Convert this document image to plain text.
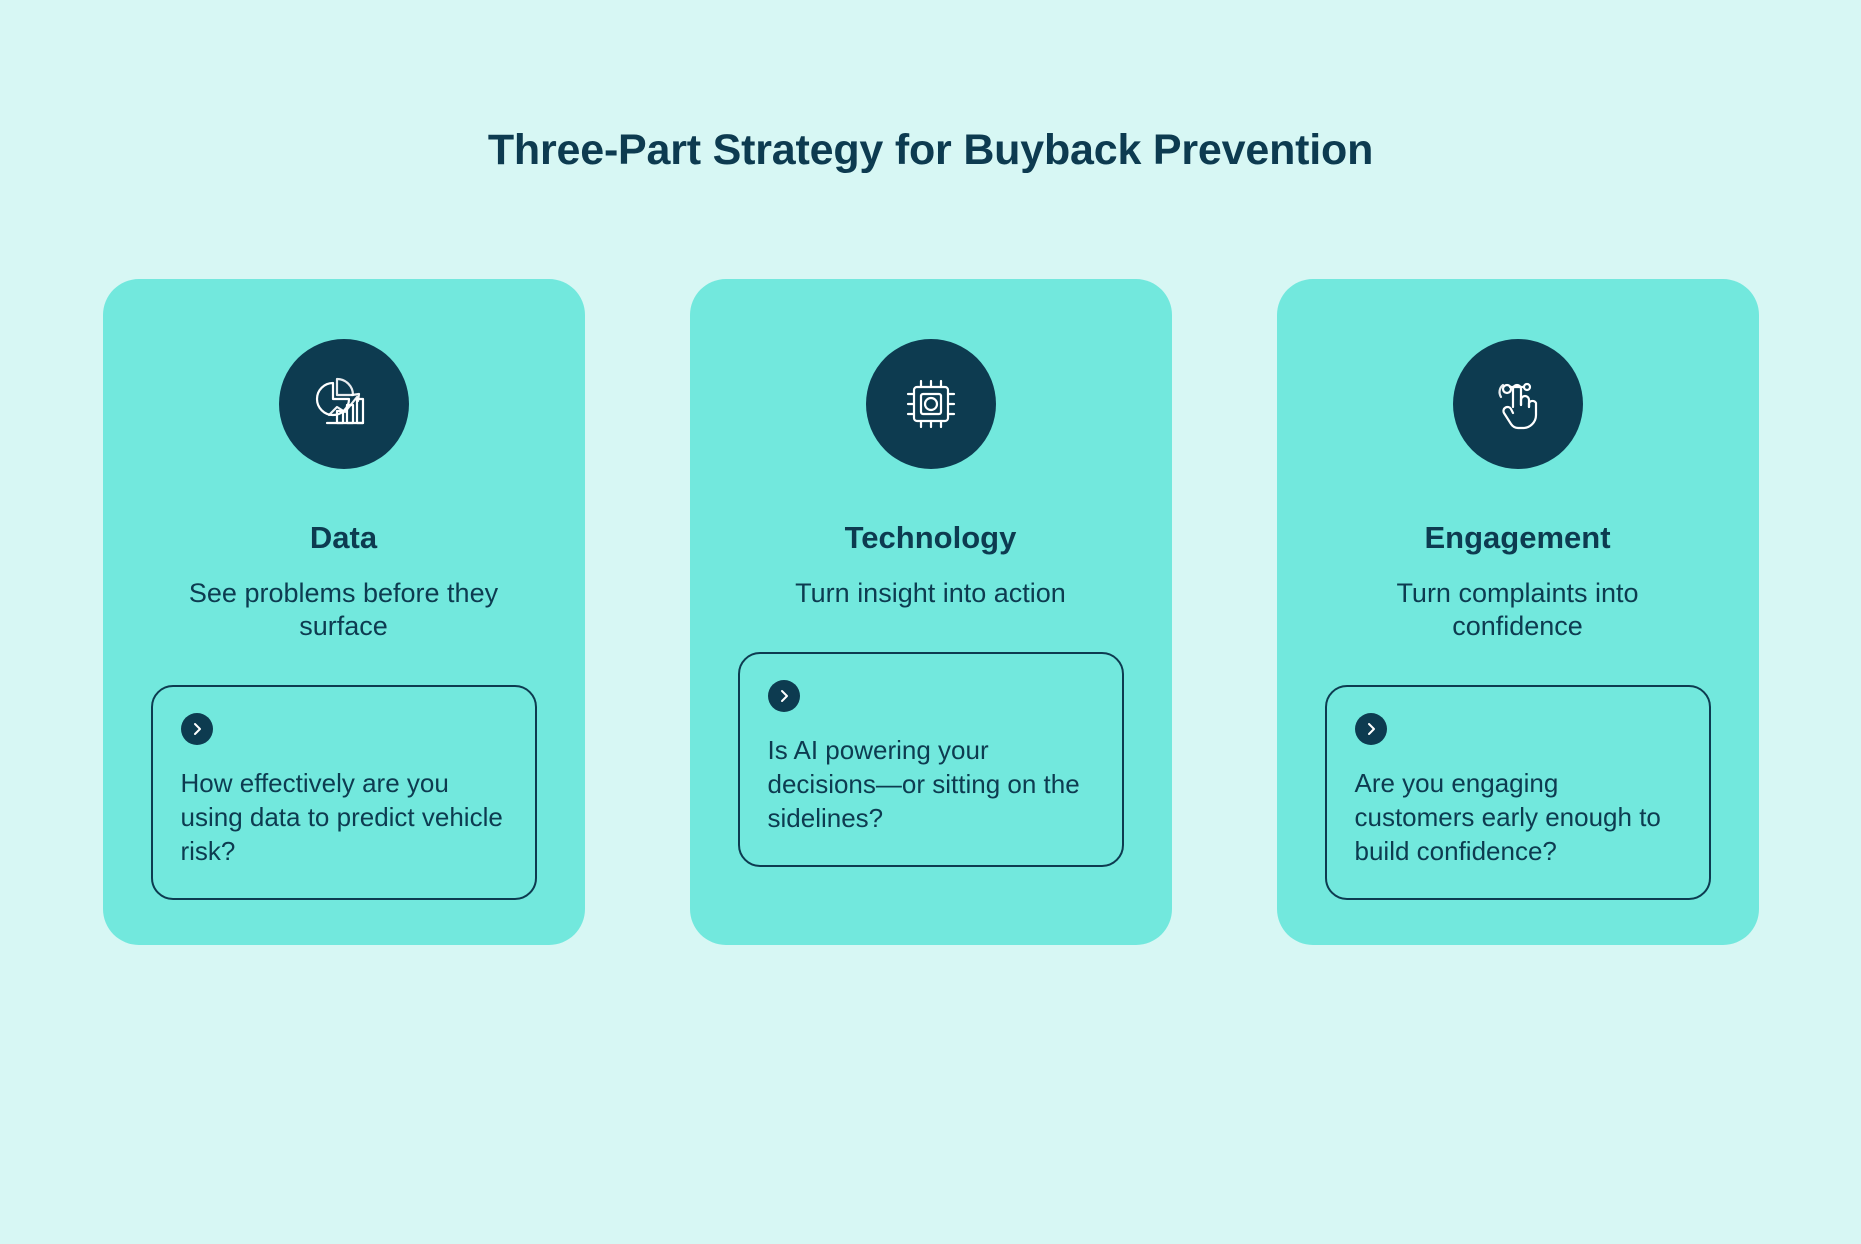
Three-Part Strategy for Buyback Prevention
Data
See problems before they surface
How effectively are you using data to predict vehicle risk?
Technology
Turn insight into action
Is AI powering your decisions—or sitting on the sidelines?
Engagement
Turn complaints into confidence
Are you engaging customers early enough to build confidence?
